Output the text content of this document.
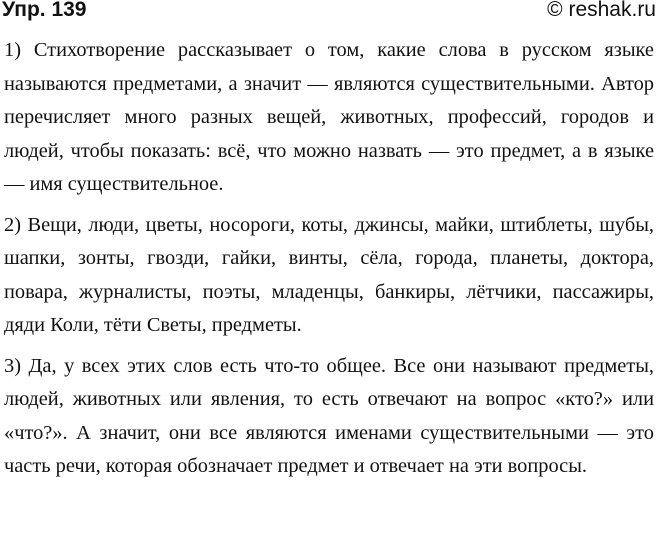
Упр. 139	© reshak.ru

1) Стихотворение рассказывает о том, какие слова в русском языке называются предметами, а значит — являются существительными. Автор перечисляет много разных вещей, животных, профессий, городов и людей, чтобы показать: всё, что можно назвать — это предмет, а в языке — имя существительное.

2) Вещи, люди, цветы, носороги, коты, джинсы, майки, штиблеты, шубы, шапки, зонты, гвозди, гайки, винты, сёла, города, планеты, доктора, повара, журналисты, поэты, младенцы, банкиры, лётчики, пассажиры, дяди Коли, тёти Светы, предметы.

3) Да, у всех этих слов есть что-то общее. Все они называют предметы, людей, животных или явления, то есть отвечают на вопрос «кто?» или «что?». А значит, они все являются именами существительными — это часть речи, которая обозначает предмет и отвечает на эти вопросы.
